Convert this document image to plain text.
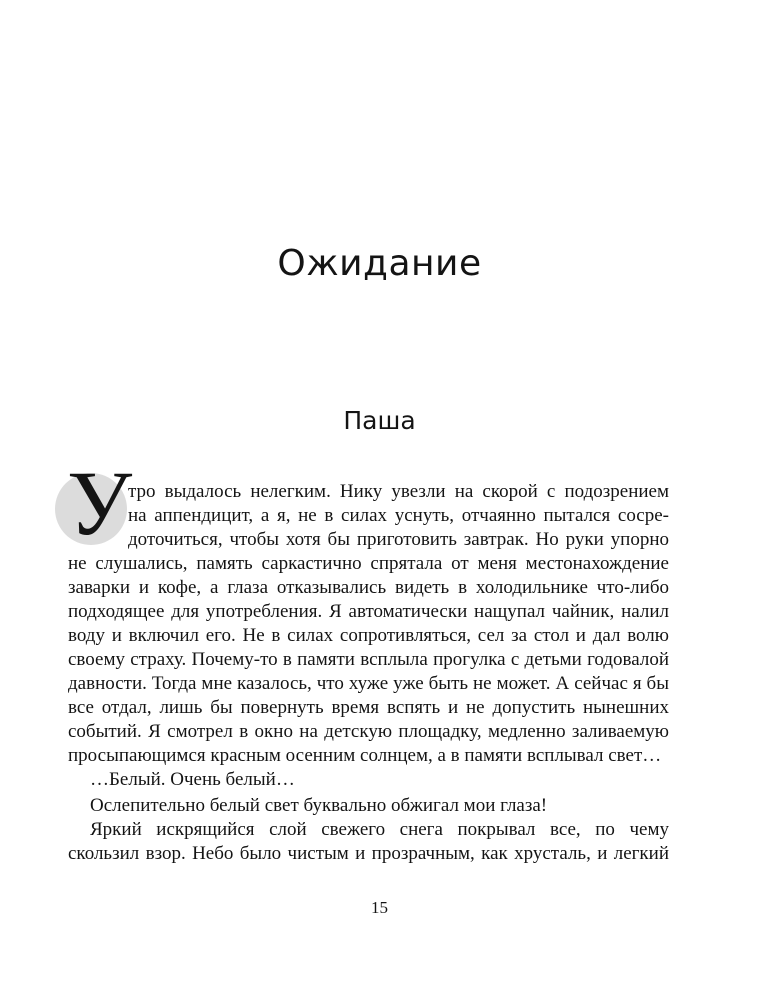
Ожидание
Паша
У

тро выдалось нелегким. Нику увезли на скорой с подозрением

на аппендицит, а я, не в силах уснуть, отчаянно пытался сосре-

доточиться, чтобы хотя бы приготовить завтрак. Но руки упорно

не слушались, память саркастично спрятала от меня местонахождение

заварки и кофе, а глаза отказывались видеть в холодильнике что-либо

подходящее для употребления. Я автоматически нащупал чайник, налил

воду и включил его. Не в силах сопротивляться, сел за стол и дал волю

своему страху. Почему-то в памяти всплыла прогулка с детьми годовалой

давности. Тогда мне казалось, что хуже уже быть не может. А сейчас я бы

все отдал, лишь бы повернуть время вспять и не допустить нынешних

событий. Я смотрел в окно на детскую площадку, медленно заливаемую

просыпающимся красным осенним солнцем, а в памяти всплывал свет…

…Белый. Очень белый…

Ослепительно белый свет буквально обжигал мои глаза!

Яркий искрящийся слой свежего снега покрывал все, по чему

скользил взор. Небо было чистым и прозрачным, как хрусталь, и легкий

15
